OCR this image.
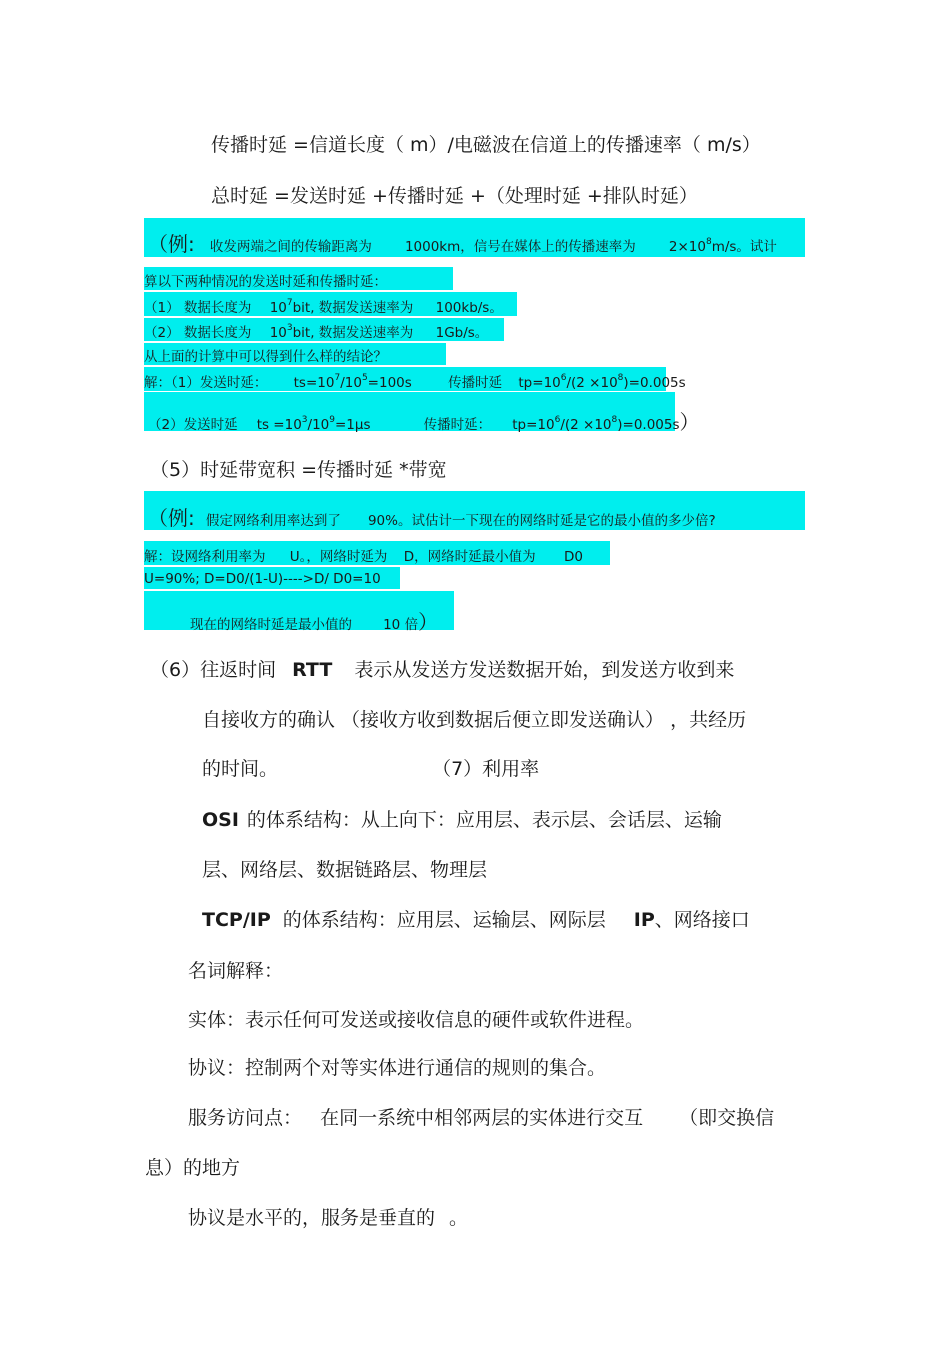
传播时延 =信道长度（ m）/电磁波在信道上的传播速率（ m/s）
总时延 =发送时延 +传播时延 +（处理时延 +排队时延）
（例: 收发两端之间的传输距离为 1000km，信号在媒体上的传播速率为 $2\times 10^8m/s$。试计
算以下两种情况的发送时延和传播时延：
（1） 数据长度为 $10^7bit$, 数据发送速率为 100kb/s。
（2） 数据长度为 $10^3bit$, 数据发送速率为 1Gb/s。
从上面的计算中可以得到什么样的结论？
解：（1）发送时延： $ts=10^7/10^5=100s$	传播时延 $tp=10^6/(2 \times 10^8)=0.005s$
（2）发送时延 ts $=10^3/10^9=1\mu s$	传播时延： $tp=10^6/(2 \times 10^8)=0.005s$）
（5）时延带宽积 =传播时延 *带宽
（例: 假定网络利用率达到了 90%。试估计一下现在的网络时延是它的最小值的多少倍?
解：设网络利用率为 U。，网络时延为 D，网络时延最小值为 D0
U=90%; D=D0/(1-U)---->D/ D0=10
现在的网络时延是最小值的 10 倍）
（6）往返时间 RTT 表示从发送方发送数据开始，到发送方收到来
自接收方的确认 （接收方收到数据后便立即发送确认） ，共经历
的时间。	（7）利用率
OSI 的体系结构：从上向下：应用层、表示层、会话层、运输
层、网络层、数据链路层、物理层
TCP/IP 的体系结构：应用层、运输层、网际层 IP、网络接口
名词解释：
实体：表示任何可发送或接收信息的硬件或软件进程。
协议：控制两个对等实体进行通信的规则的集合。
服务访问点： 在同一系统中相邻两层的实体进行交互 （即交换信
息）的地方
协议是水平的，服务是垂直的 。
